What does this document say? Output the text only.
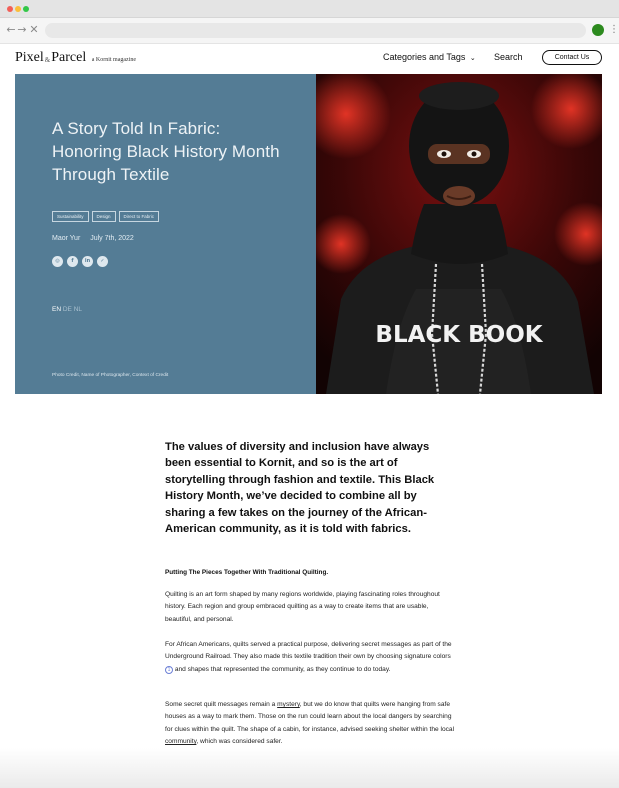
← → ✕	⋮
Pixel&Parcel a Kornit magazine	Categories and Tags ⌄ Search	Contact Us
A Story Told In Fabric: Honoring Black History Month Through Textile
Sustainability	Design	Direct to Fabric
Maor Yur July 7th, 2022
◎	f	in	✓
EN DE NL
Photo Credit, Name of Photographer, Context of Credit
BLACK BOOK

The values of diversity and inclusion have always been essential to Kornit, and so is the art of storytelling through fashion and textile. This Black History Month, we’ve decided to combine all by sharing a few takes on the journey of the African-American community, as it is told with fabrics.

Putting The Pieces Together With Traditional Quilting.

Quilting is an art form shaped by many regions worldwide, playing fascinating roles throughout history. Each region and group embraced quilting as a way to create items that are usable, beautiful, and personal.

For African Americans, quilts served a practical purpose, delivering secret messages as part of the Underground Railroad. They also made this textile tradition their own by choosing signature colors 1 and shapes that represented the community, as they continue to do today.

Some secret quilt messages remain a mystery, but we do know that quilts were hanging from safe houses as a way to mark them. Those on the run could learn about the local dangers by searching for clues within the quilt. The shape of a cabin, for instance, advised seeking shelter within the local community, which was considered safer.
